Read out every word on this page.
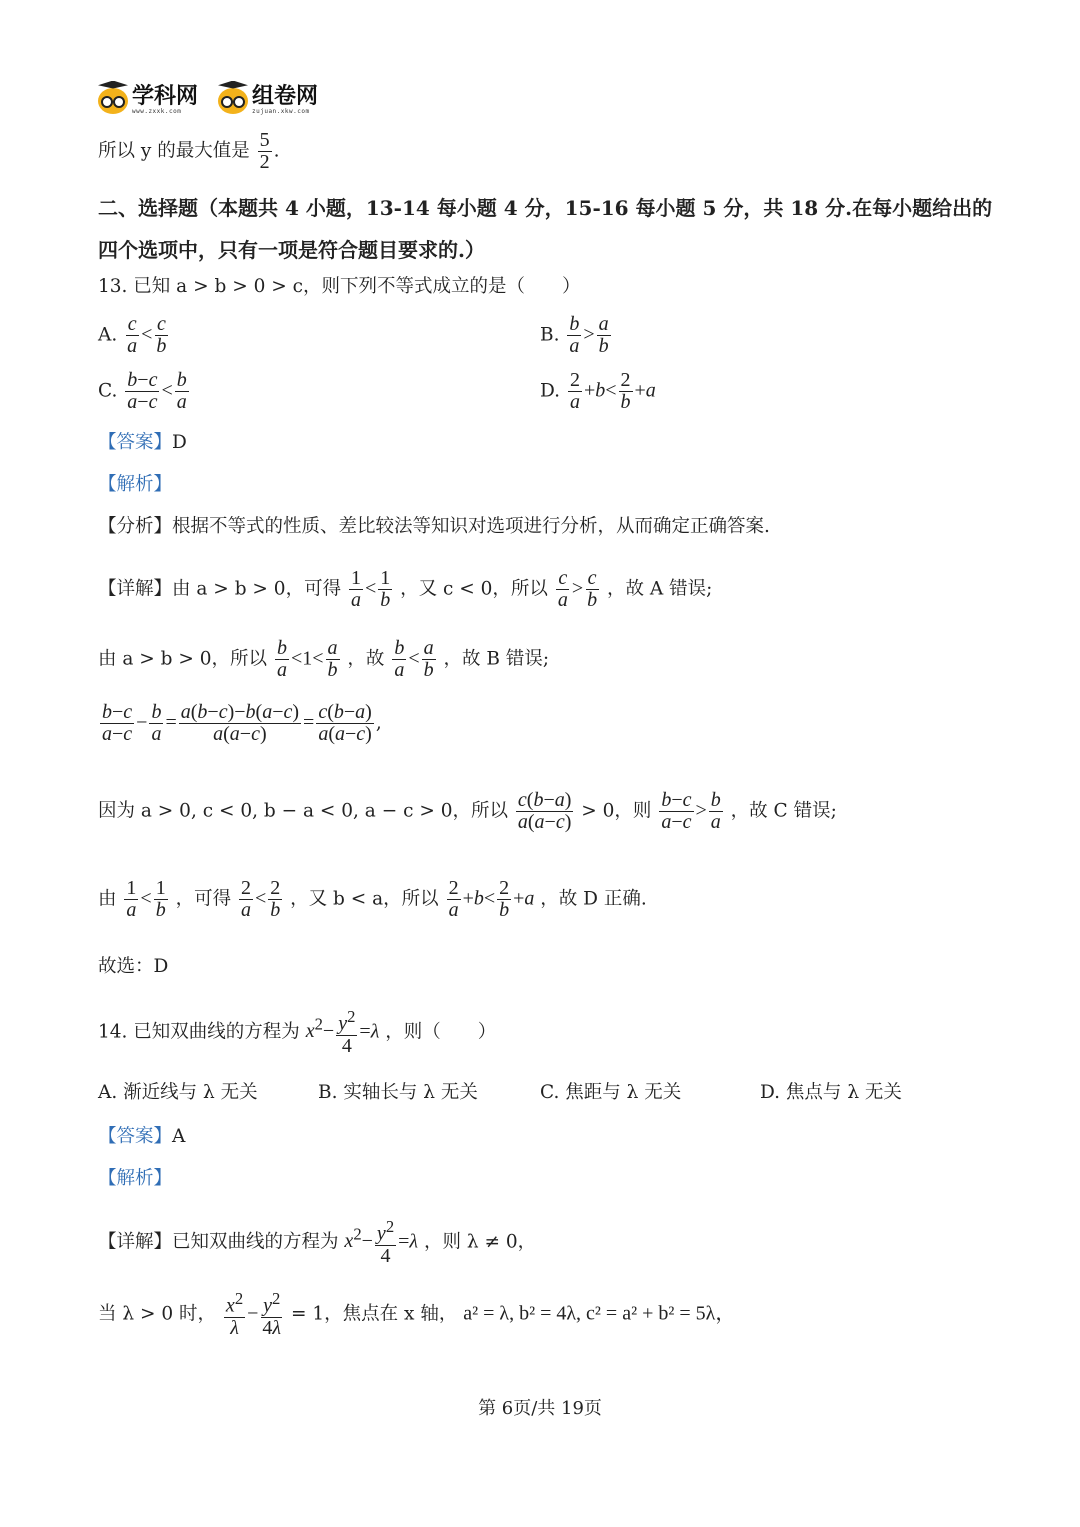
学科网
www.zxxk.com
组卷网
zujuan.xkw.com
所以 y 的最大值是 $\frac{5}{2}$ .
二、选择题（本题共 4 小题，13-14 每小题 4 分，15-16 每小题 5 分，共 18 分.在每小题给出的
四个选项中，只有一项是符合题目要求的.）
13. 已知 a > b > 0 > c，则下列不等式成立的是（　　）
A. $\frac{c}{a} < \frac{c}{b}$	B. $\frac{b}{a} > \frac{a}{b}$
C. $\frac{b-c}{a-c} < \frac{b}{a}$	D. $\frac{2}{a} +b< \frac{2}{b} +a$
【答案】D
【解析】
【分析】根据不等式的性质、差比较法等知识对选项进行分析，从而确定正确答案.
【详解】由 a > b > 0，可得 $\frac{1}{a} < \frac{1}{b}$ ，又 c < 0，所以 $\frac{c}{a} > \frac{c}{b}$ ，故 A 错误;
由 a > b > 0，所以 $\frac{b}{a} <1< \frac{a}{b}$ ，故 $\frac{b}{a} < \frac{a}{b}$ ，故 B 错误;
$\frac{b-c}{a-c} - \frac{b}{a} = \frac{a(b-c)-b(a-c)}{a(a-c)} = \frac{c(b-a)}{a(a-c)}$ ,
因为 a > 0, c < 0, b − a < 0, a − c > 0，所以 $\frac{c(b-a)}{a(a-c)} > 0$，则 $\frac{b-c}{a-c} > \frac{b}{a}$ ，故 C 错误;
由 $\frac{1}{a} < \frac{1}{b}$ ，可得 $\frac{2}{a} < \frac{2}{b}$ ，又 b < a，所以 $\frac{2}{a} +b< \frac{2}{b} +a$ ，故 D 正确.
故选：D
14. 已知双曲线的方程为 $x^2- \frac{y^2}{4} =\lambda$ ，则（　　）
A. 渐近线与 λ 无关	B. 实轴长与 λ 无关	C. 焦距与 λ 无关	D. 焦点与 λ 无关
【答案】A
【解析】
【详解】已知双曲线的方程为 $x^2- \frac{y^2}{4} =\lambda$ ，则 λ ≠ 0，
当 λ > 0 时， $\frac{x^2}{\lambda} - \frac{y^2}{4\lambda} = 1$，焦点在 x 轴， a² = λ, b² = 4λ, c² = a² + b² = 5λ，
第 6页/共 19页
